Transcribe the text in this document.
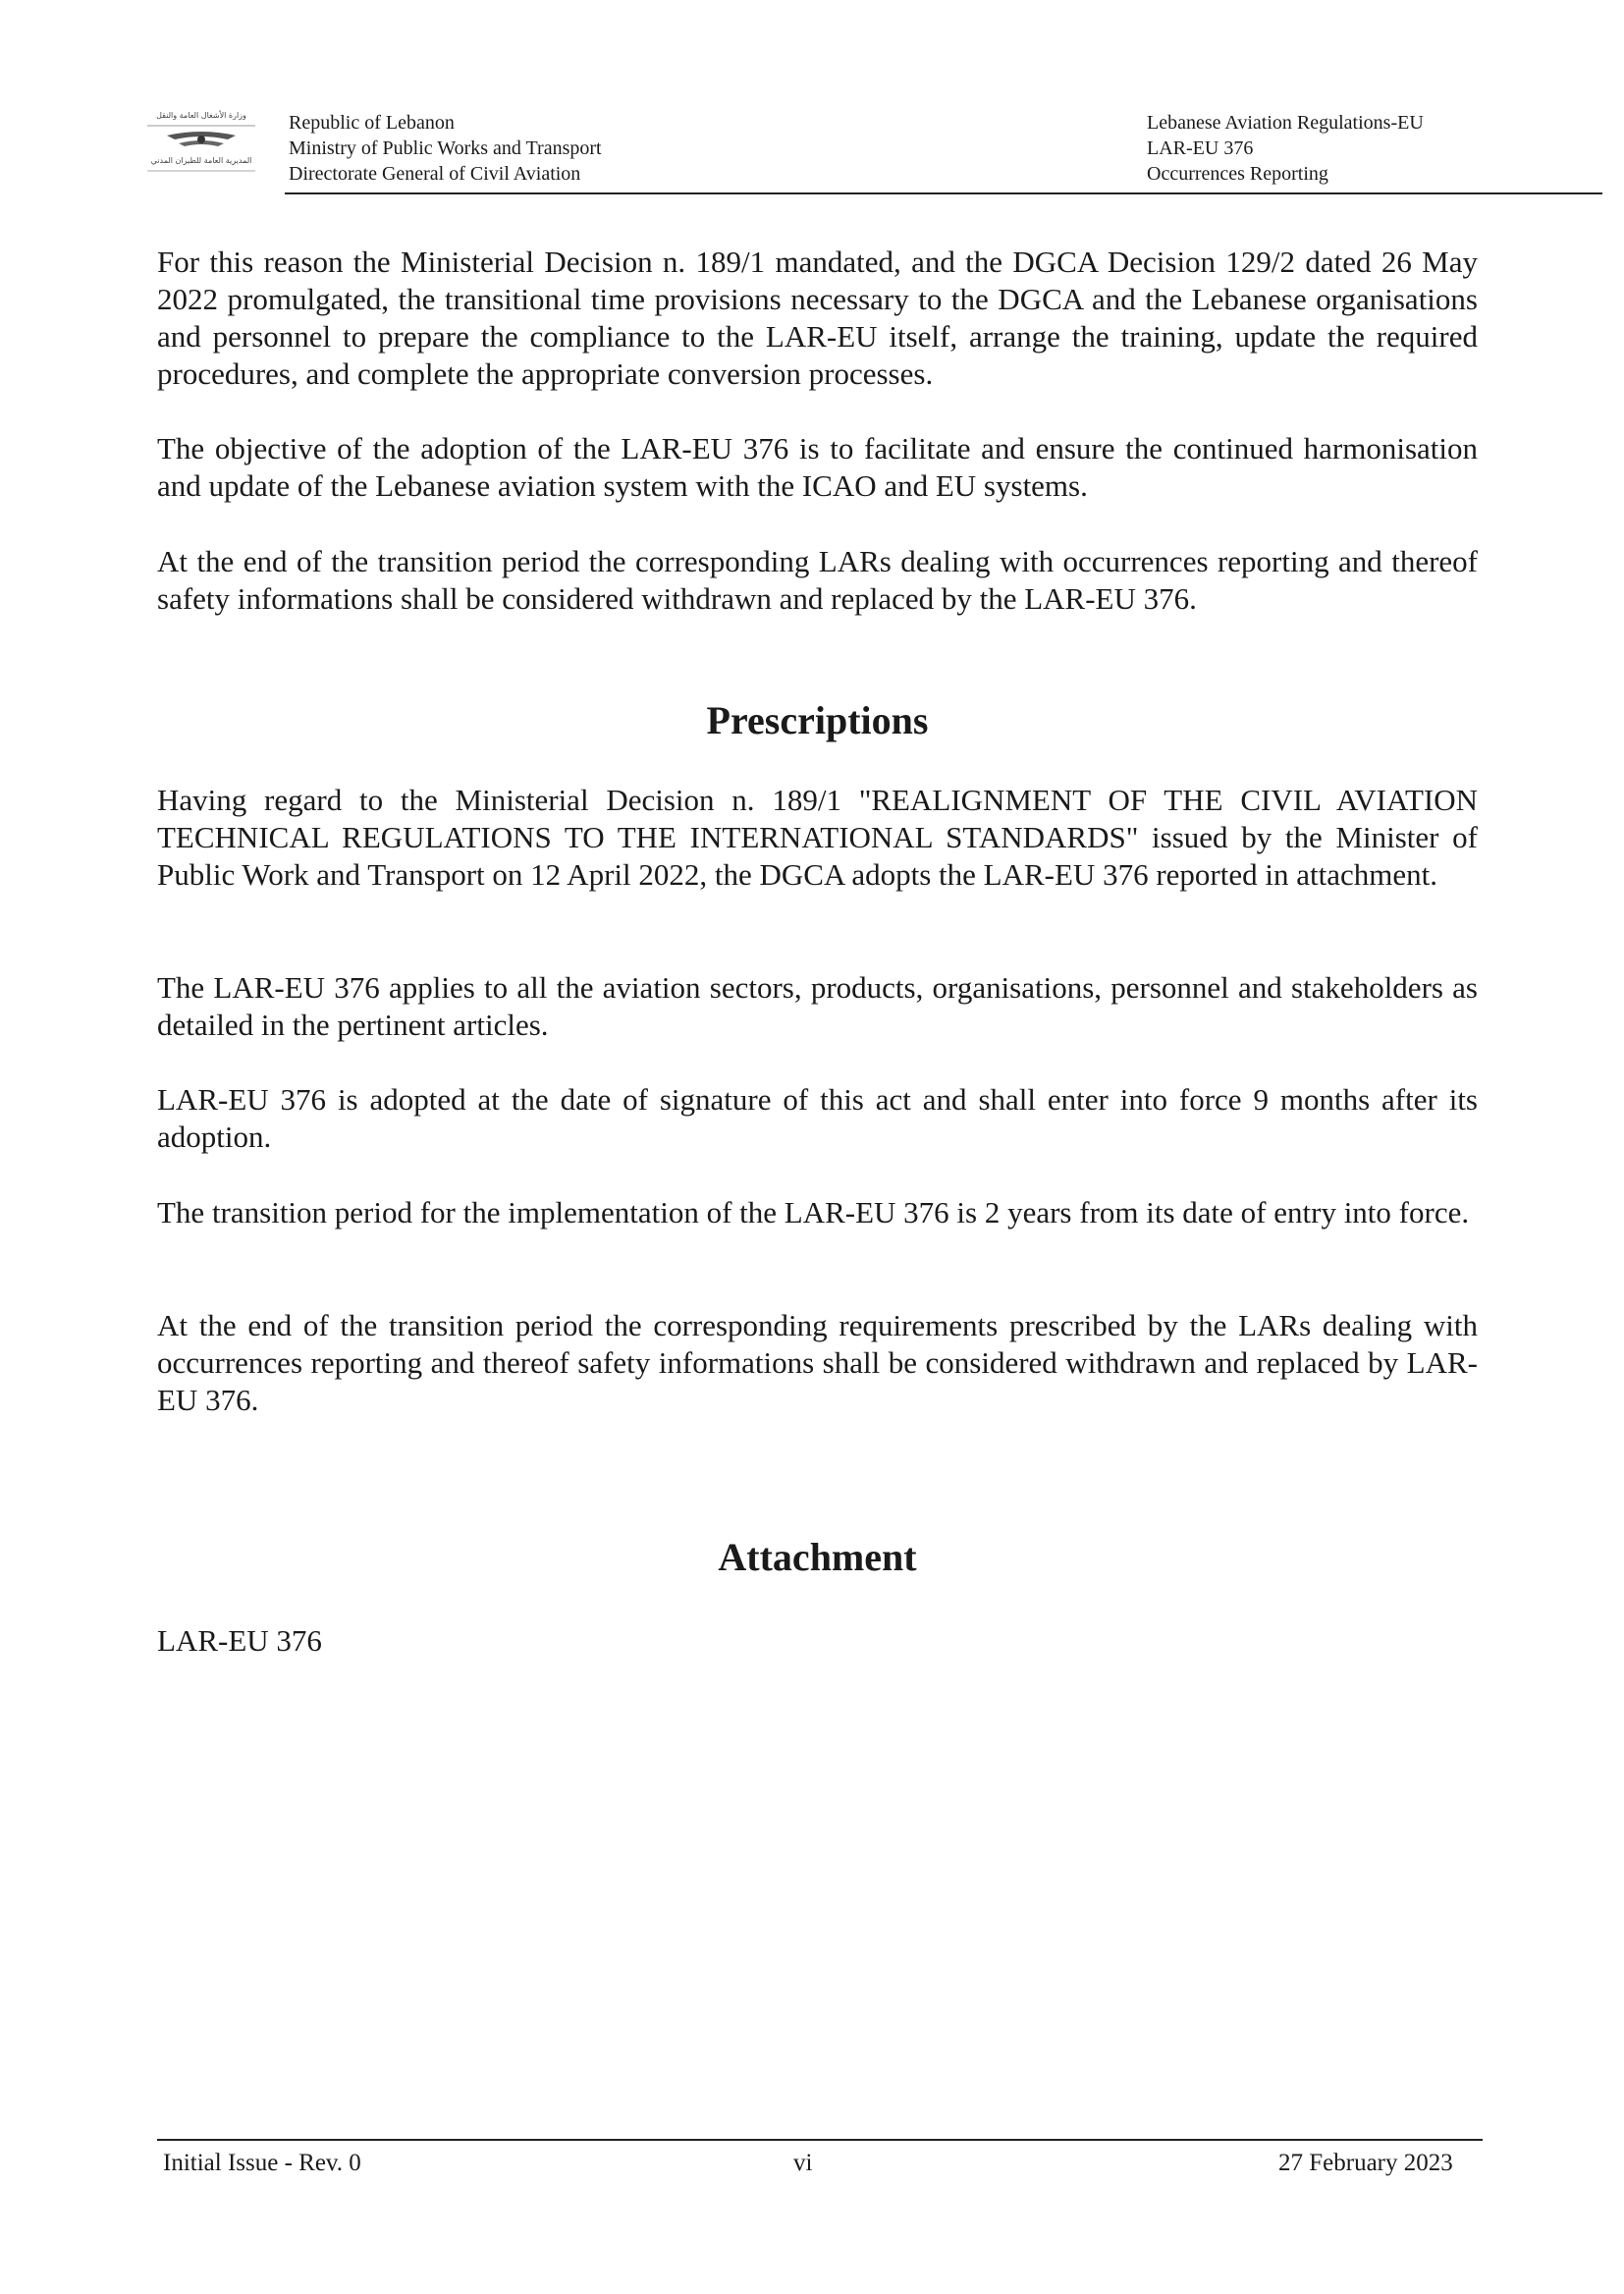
وزارة الأشغال العامة والنقل
المديرية العامة للطيران المدني
Republic of Lebanon
Ministry of Public Works and Transport
Directorate General of Civil Aviation
Lebanese Aviation Regulations-EU
LAR-EU 376
Occurrences Reporting

For this reason the Ministerial Decision n. 189/1 mandated, and the DGCA Decision 129/2 dated 26 May 2022 promulgated, the transitional time provisions necessary to the DGCA and the Lebanese organisations and personnel to prepare the compliance to the LAR-EU itself, arrange the training, update the required procedures, and complete the appropriate conversion processes.

The objective of the adoption of the LAR-EU 376 is to facilitate and ensure the continued harmonisation and update of the Lebanese aviation system with the ICAO and EU systems.

At the end of the transition period the corresponding LARs dealing with occurrences reporting and thereof safety informations shall be considered withdrawn and replaced by the LAR-EU 376.

Prescriptions

Having regard to the Ministerial Decision n. 189/1 "REALIGNMENT OF THE CIVIL AVIATION TECHNICAL REGULATIONS TO THE INTERNATIONAL STANDARDS" issued by the Minister of Public Work and Transport on 12 April 2022, the DGCA adopts the LAR-EU 376 reported in attachment.

The LAR-EU 376 applies to all the aviation sectors, products, organisations, personnel and stakeholders as detailed in the pertinent articles.

LAR-EU 376 is adopted at the date of signature of this act and shall enter into force 9 months after its adoption.

The transition period for the implementation of the LAR-EU 376 is 2 years from its date of entry into force.

At the end of the transition period the corresponding requirements prescribed by the LARs dealing with occurrences reporting and thereof safety informations shall be considered withdrawn and replaced by LAR-EU 376.

Attachment

LAR-EU 376

Initial Issue - Rev. 0	vi	27 February 2023
